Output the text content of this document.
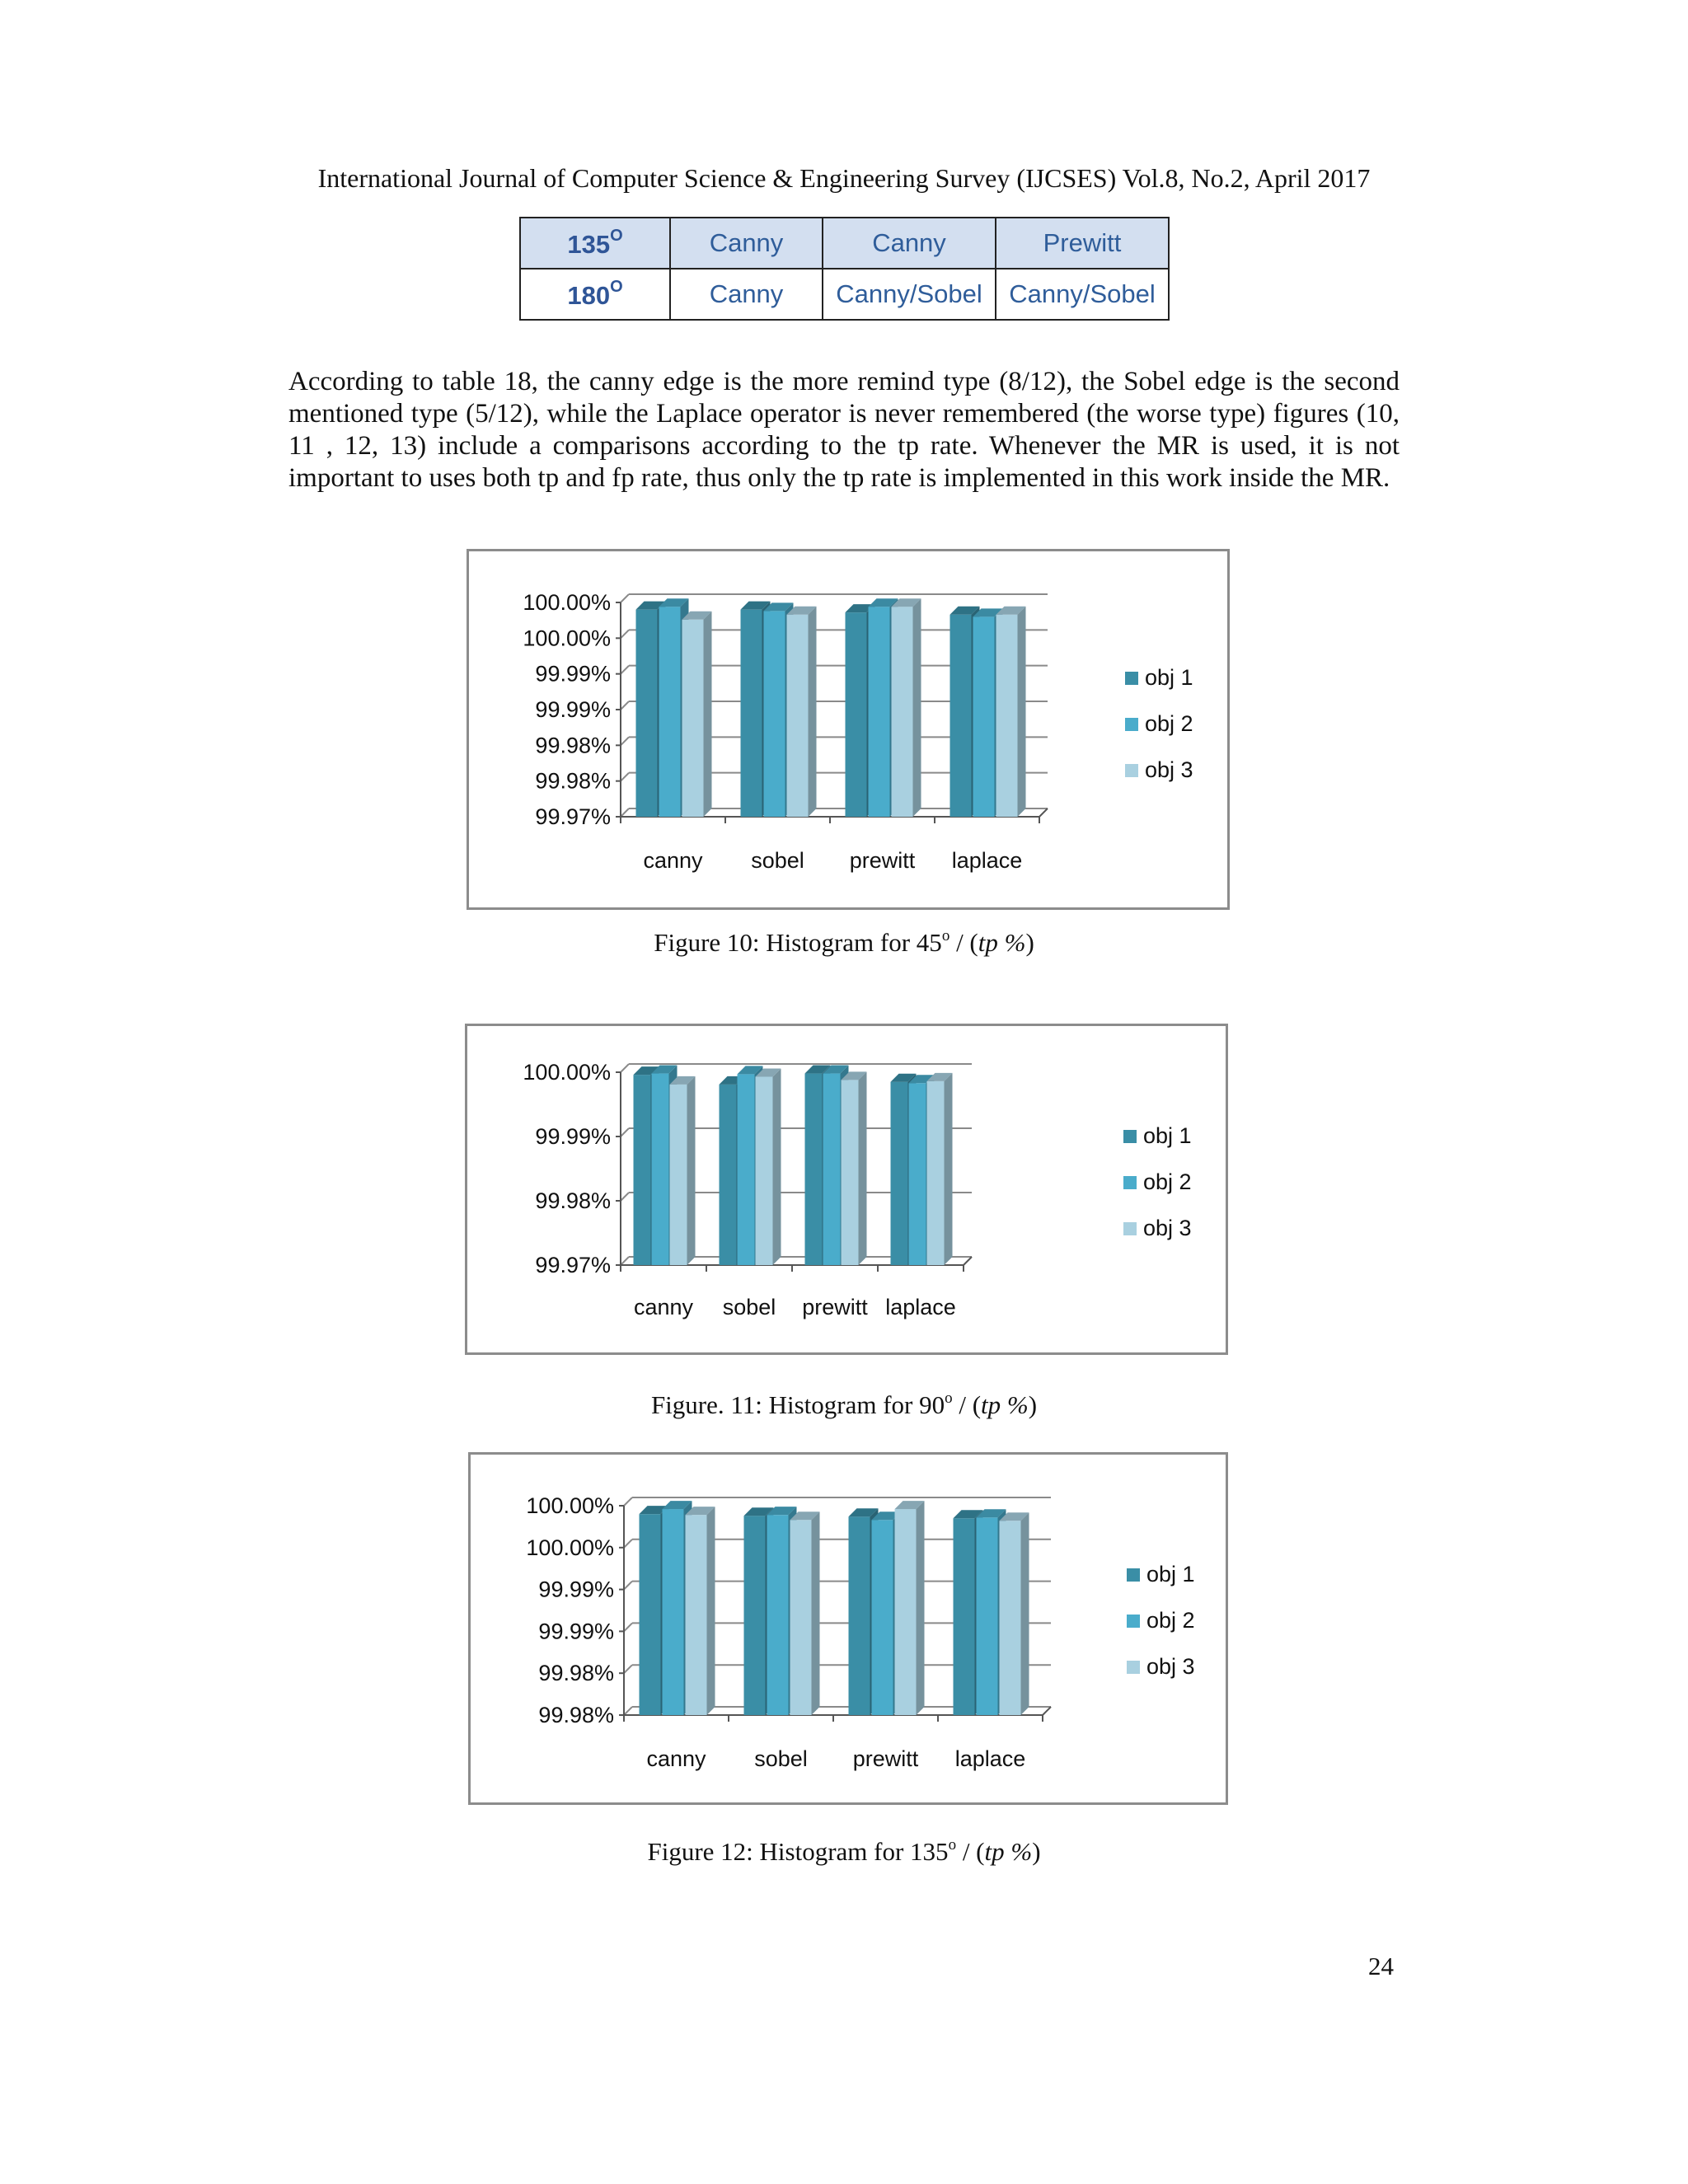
International Journal of Computer Science & Engineering Survey (IJCSES) Vol.8, No.2, April 2017
$135^O$	Canny	Canny	Prewitt
$180^O$	Canny	Canny/Sobel	Canny/Sobel

According to table 18, the canny edge is the more remind type (8/12), the Sobel edge is the second mentioned type (5/12), while the Laplace operator is never remembered (the worse type) figures (10, 11 , 12, 13) include a comparisons according to the tp rate. Whenever the MR is used, it is not important to uses both tp and fp rate, thus only the tp rate is implemented in this work inside the MR.

99.97%
99.98%
99.98%
99.99%
99.99%
100.00%
100.00%
canny sobel prewitt laplace
obj 1
obj 2
obj 3
Figure 10: Histogram for 45$^o$ / (tp %)
99.97%
99.98%
99.99%
100.00%
canny sobel prewitt laplace
obj 1
obj 2
obj 3
Figure. 11: Histogram for 90$^o$ / (tp %)
99.98%
99.98%
99.99%
99.99%
100.00%
100.00%
canny sobel prewitt laplace
obj 1
obj 2
obj 3
Figure 12: Histogram for 135$^o$ / (tp %)
24
